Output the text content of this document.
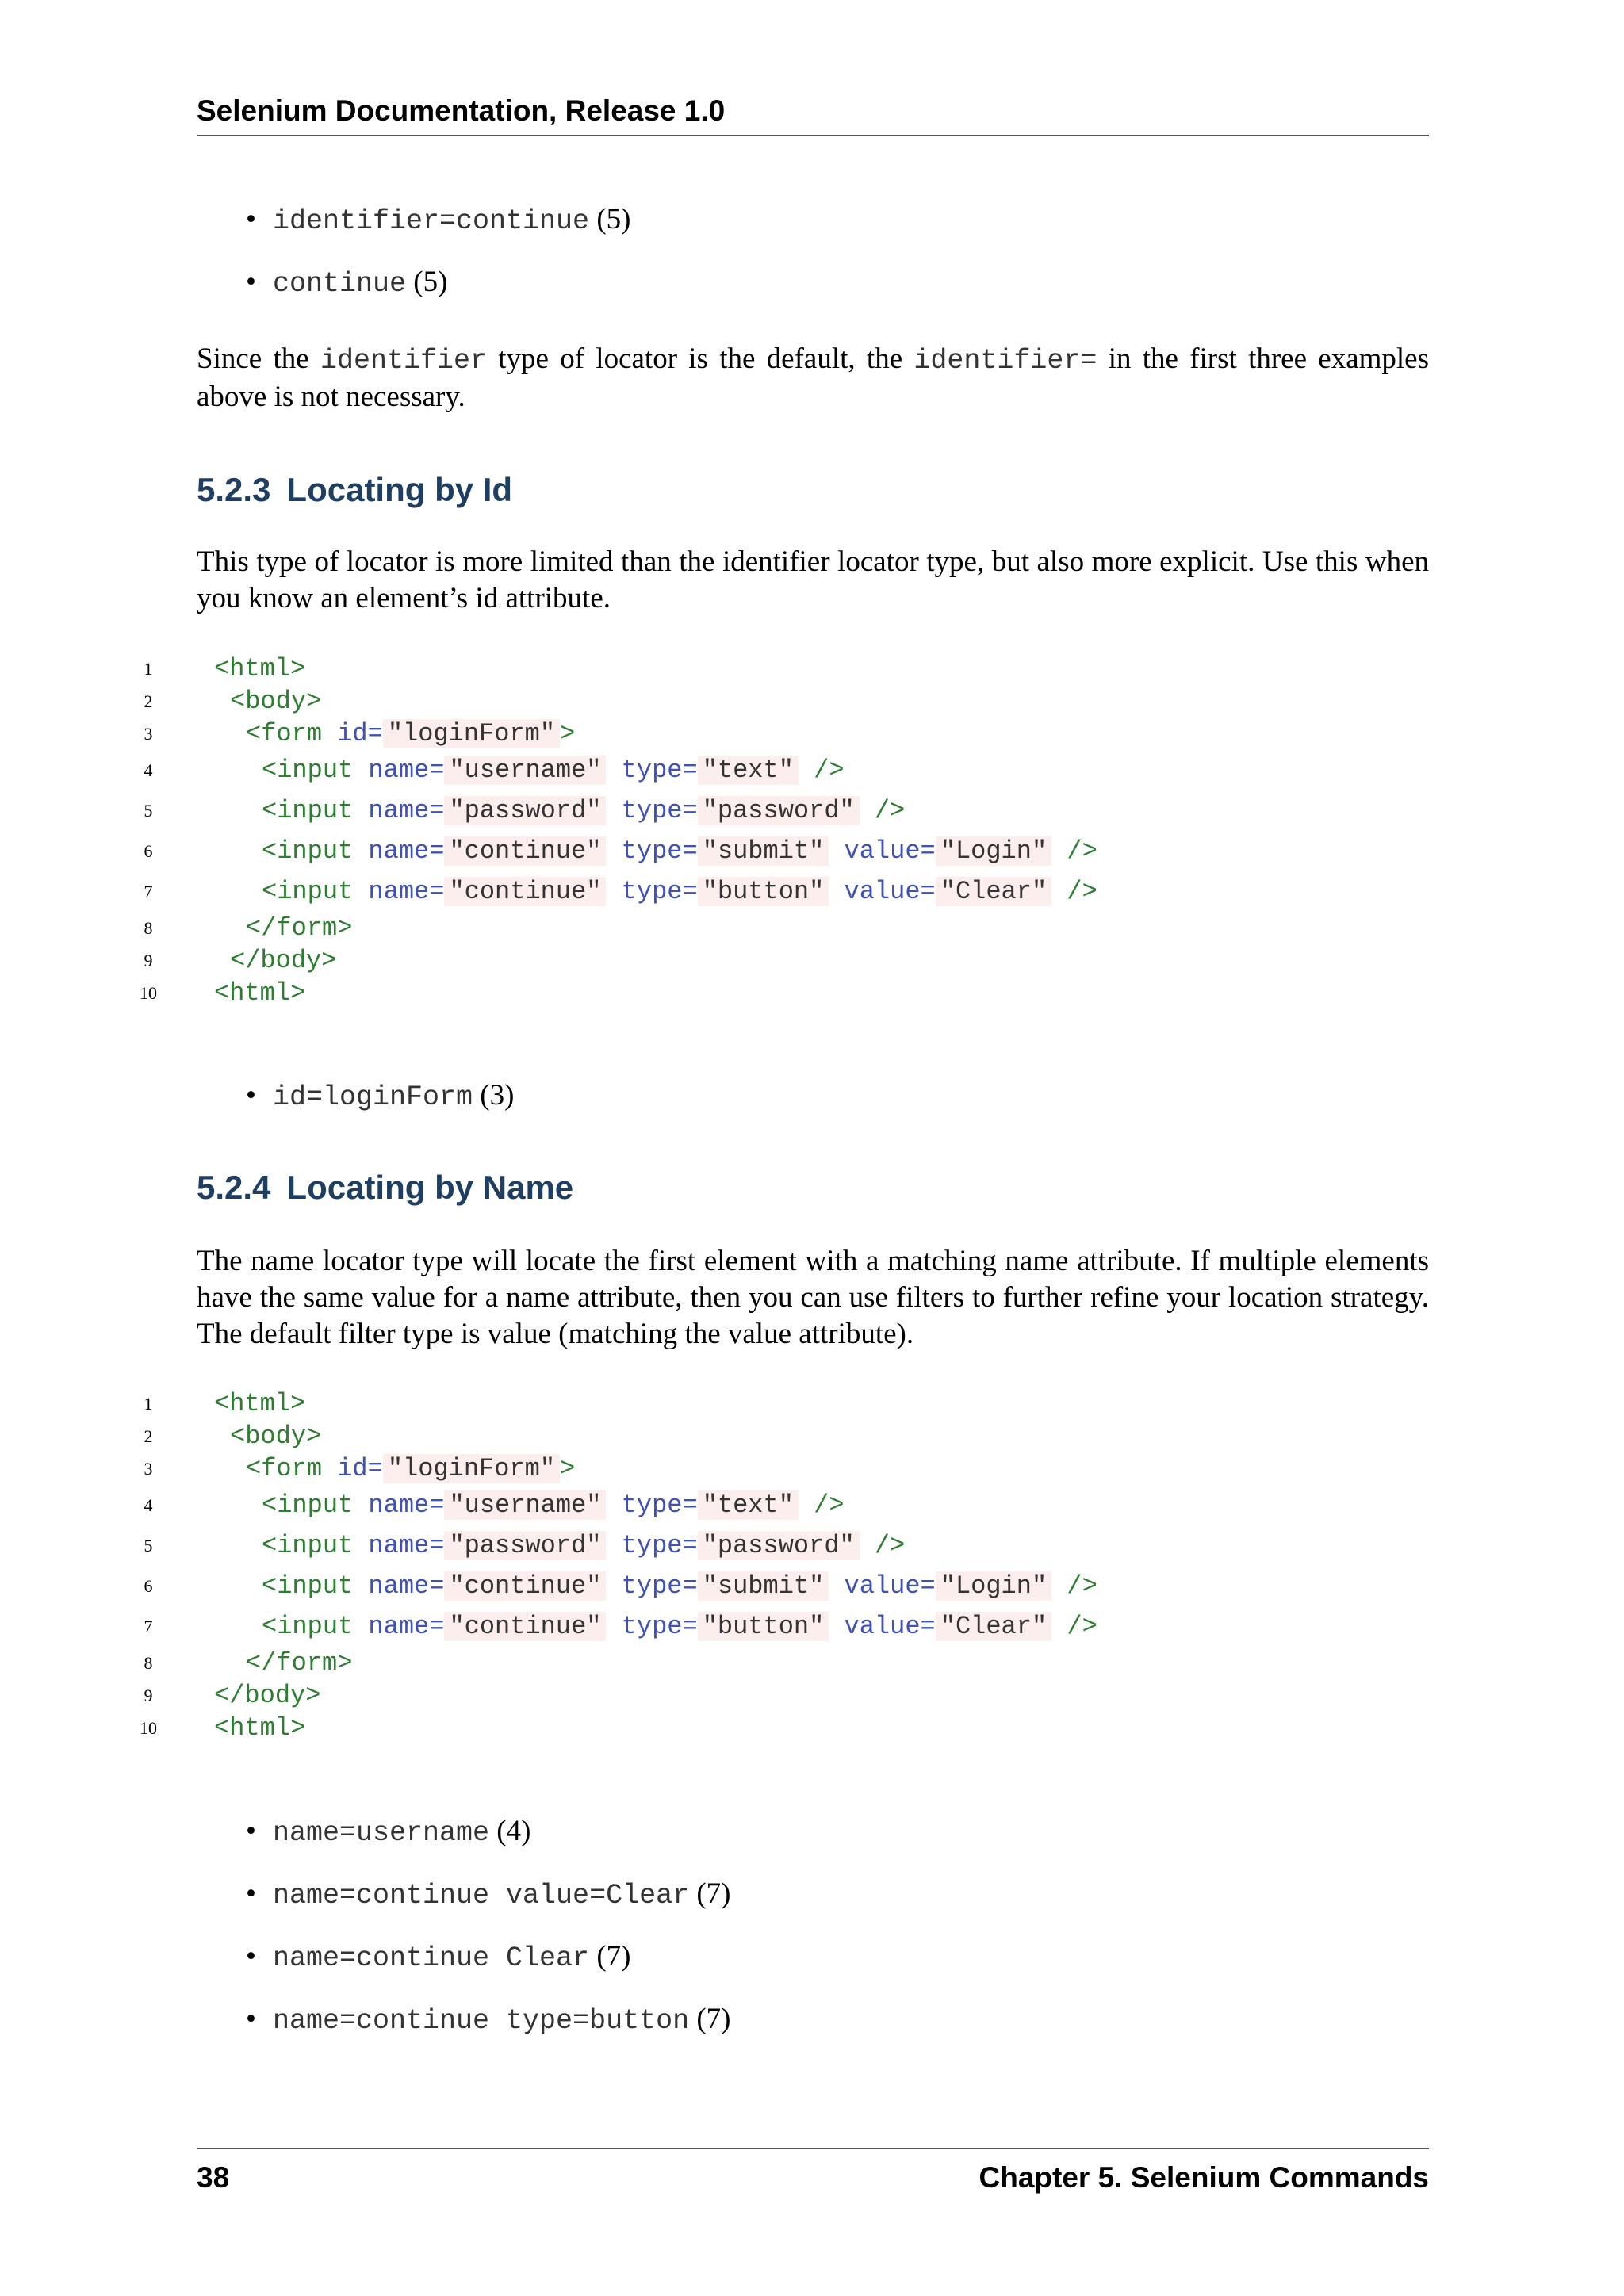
Selenium Documentation, Release 1.0
• identifier=continue (5)
• continue (5)

Since the identifier type of locator is the default, the identifier= in the first three examples above is not necessary.

5.2.3 Locating by Id

This type of locator is more limited than the identifier locator type, but also more explicit. Use this when you know an element’s id attribute.

1 <html>
2	<body>
3	<form id= "loginForm" >
4	<input name= "username" type= "text" />
5	<input name= "password" type= "password" />
6	<input name= "continue" type= "submit" value= "Login" />
7	<input name= "continue" type= "button" value= "Clear" />
8	</form>
9	</body>
10 <html>
• id=loginForm (3)
5.2.4 Locating by Name

The name locator type will locate the first element with a matching name attribute. If multiple elements have the same value for a name attribute, then you can use filters to further refine your location strategy. The default filter type is value (matching the value attribute).

1 <html>
2	<body>
3	<form id= "loginForm" >
4	<input name= "username" type= "text" />
5	<input name= "password" type= "password" />
6	<input name= "continue" type= "submit" value= "Login" />
7	<input name= "continue" type= "button" value= "Clear" />
8	</form>
9 </body>
10 <html>
• name=username (4)
• name=continue value=Clear (7)
• name=continue Clear (7)
• name=continue type=button (7)
38	Chapter 5. Selenium Commands
